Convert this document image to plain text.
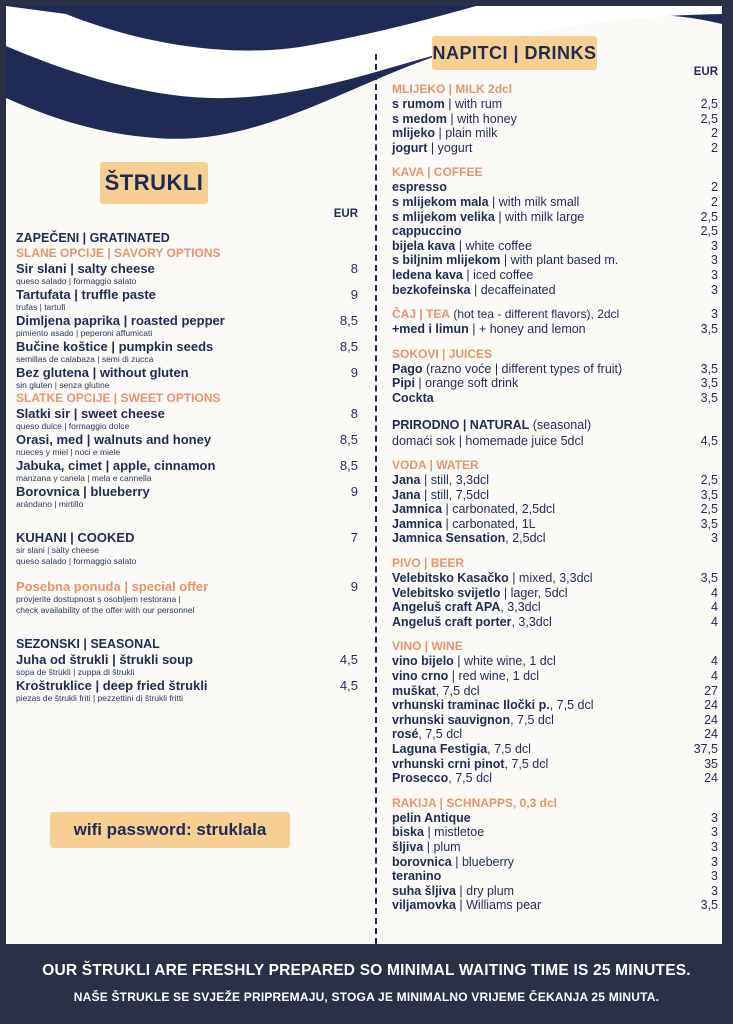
ŠTRUKLI
NAPITCI | DRINKS
EUR
ZAPEČENI | GRATINATED
SLANE OPCIJE | SAVORY OPTIONS
Sir slani | salty cheese	8
queso salado | formaggio salato
Tartufata | truffle paste	9
trufas | tartufi
Dimljena paprika | roasted pepper	8,5
pimiento asado | peperoni affumicati
Bučine koštice | pumpkin seeds	8,5
semillas de calabaza | semi di zucca
Bez glutena | without gluten	9
sin gluten | senza glutine
SLATKE OPCIJE | SWEET OPTIONS
Slatki sir | sweet cheese	8
queso dulce | formaggio dolce
Orasi, med | walnuts and honey	8,5
nueces y miel | noci e miele
Jabuka, cimet | apple, cinnamon	8,5
manzana y canela | mela e cannella
Borovnica | blueberry	9
arándano | mirtillo
KUHANI | COOKED	7
sir slani | salty cheese
queso salado | formaggio salato
Posebna ponuda | special offer	9
provjerite dostupnost s osobljem restorana |
check availability of the offer with our personnel
SEZONSKI | SEASONAL
Juha od štrukli | štrukli soup	4,5
sopa de štrukli | zuppa di štrukli
Kroštruklice | deep fried štrukli	4,5
piezas de štrukli friti | pezzettini di štrukli fritti
wifi password: struklala
EUR
MLIJEKO | MILK 2dcl
s rumom | with rum	2,5
s medom | with honey	2,5
mlijeko | plain milk	2
jogurt | yogurt	2
KAVA | COFFEE
espresso	2
s mlijekom mala | with milk small	2
s mlijekom velika | with milk large	2,5
cappuccino	2,5
bijela kava | white coffee	3
s biljnim mlijekom | with plant based m.	3
ledena kava | iced coffee	3
bezkofeinska | decaffeinated	3
ČAJ | TEA (hot tea - different flavors), 2dcl	3
+med i limun | + honey and lemon	3,5
SOKOVI | JUICES
Pago (razno voće | different types of fruit)	3,5
Pipi | orange soft drink	3,5
Cockta	3,5
PRIRODNO | NATURAL (seasonal)
domaći sok | homemade juice 5dcl	4,5
VODA | WATER
Jana | still, 3,3dcl	2,5
Jana | still, 7,5dcl	3,5
Jamnica | carbonated, 2,5dcl	2,5
Jamnica | carbonated, 1L	3,5
Jamnica Sensation, 2,5dcl	3
PIVO | BEER
Velebitsko Kasačko | mixed, 3,3dcl	3,5
Velebitsko svijetlo | lager, 5dcl	4
Angeluš craft APA, 3,3dcl	4
Angeluš craft porter, 3,3dcl	4
VINO | WINE
vino bijelo | white wine, 1 dcl	4
vino crno | red wine, 1 dcl	4
muškat, 7,5 dcl	27
vrhunski traminac Iločki p., 7,5 dcl	24
vrhunski sauvignon, 7,5 dcl	24
rosé, 7,5 dcl	24
Laguna Festigia, 7,5 dcl	37,5
vrhunski crni pinot, 7,5 dcl	35
Prosecco, 7,5 dcl	24
RAKIJA | SCHNAPPS, 0,3 dcl
pelin Antique	3
biska | mistletoe	3
šljiva | plum	3
borovnica | blueberry	3
teranino	3
suha šljiva | dry plum	3
viljamovka | Williams pear	3,5
OUR ŠTRUKLI ARE FRESHLY PREPARED SO MINIMAL WAITING TIME IS 25 MINUTES.
NAŠE ŠTRUKLE SE SVJEŽE PRIPREMAJU, STOGA JE MINIMALNO VRIJEME ČEKANJA 25 MINUTA.
